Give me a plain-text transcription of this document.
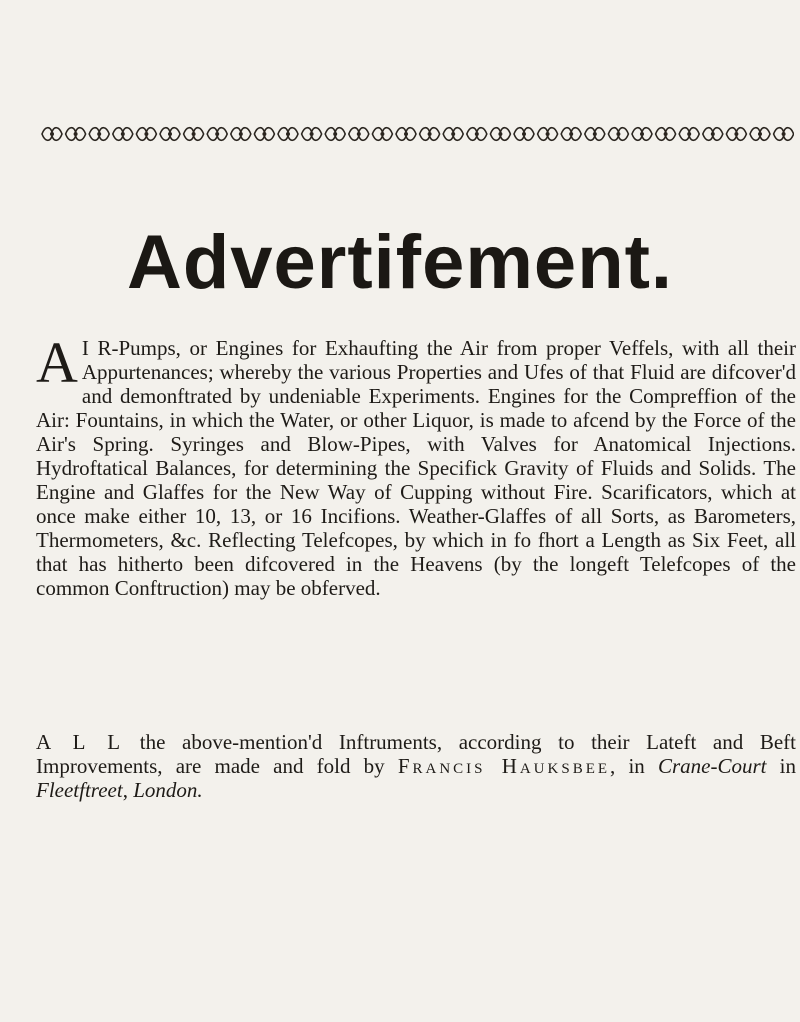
Advertifement.

A I R-Pumps, or Engines for Exhaufting the Air from proper Veffels, with all their Appurtenances; whereby the various Properties and Ufes of that Fluid are difcover'd and demonftrated by undeniable Experiments. Engines for the Compreffion of the Air: Fountains, in which the Water, or other Liquor, is made to afcend by the Force of the Air's Spring. Syringes and Blow-Pipes, with Valves for Anatomical Injections. Hydroftatical Balances, for determining the Specifick Gravity of Fluids and Solids. The Engine and Glaffes for the New Way of Cupping without Fire. Scarificators, which at once make either 10, 13, or 16 Incifions. Weather-Glaffes of all Sorts, as Barometers, Thermometers, &c. Reflecting Telefcopes, by which in fo fhort a Length as Six Feet, all that has hitherto been difcovered in the Heavens (by the longeft Telefcopes of the common Conftruction) may be obferved.

A L L the above-mention'd Inftruments, according to their Lateft and Beft Improvements, are made and fold by Francis Hauksbee, in Crane-Court in Fleetftreet, London.
